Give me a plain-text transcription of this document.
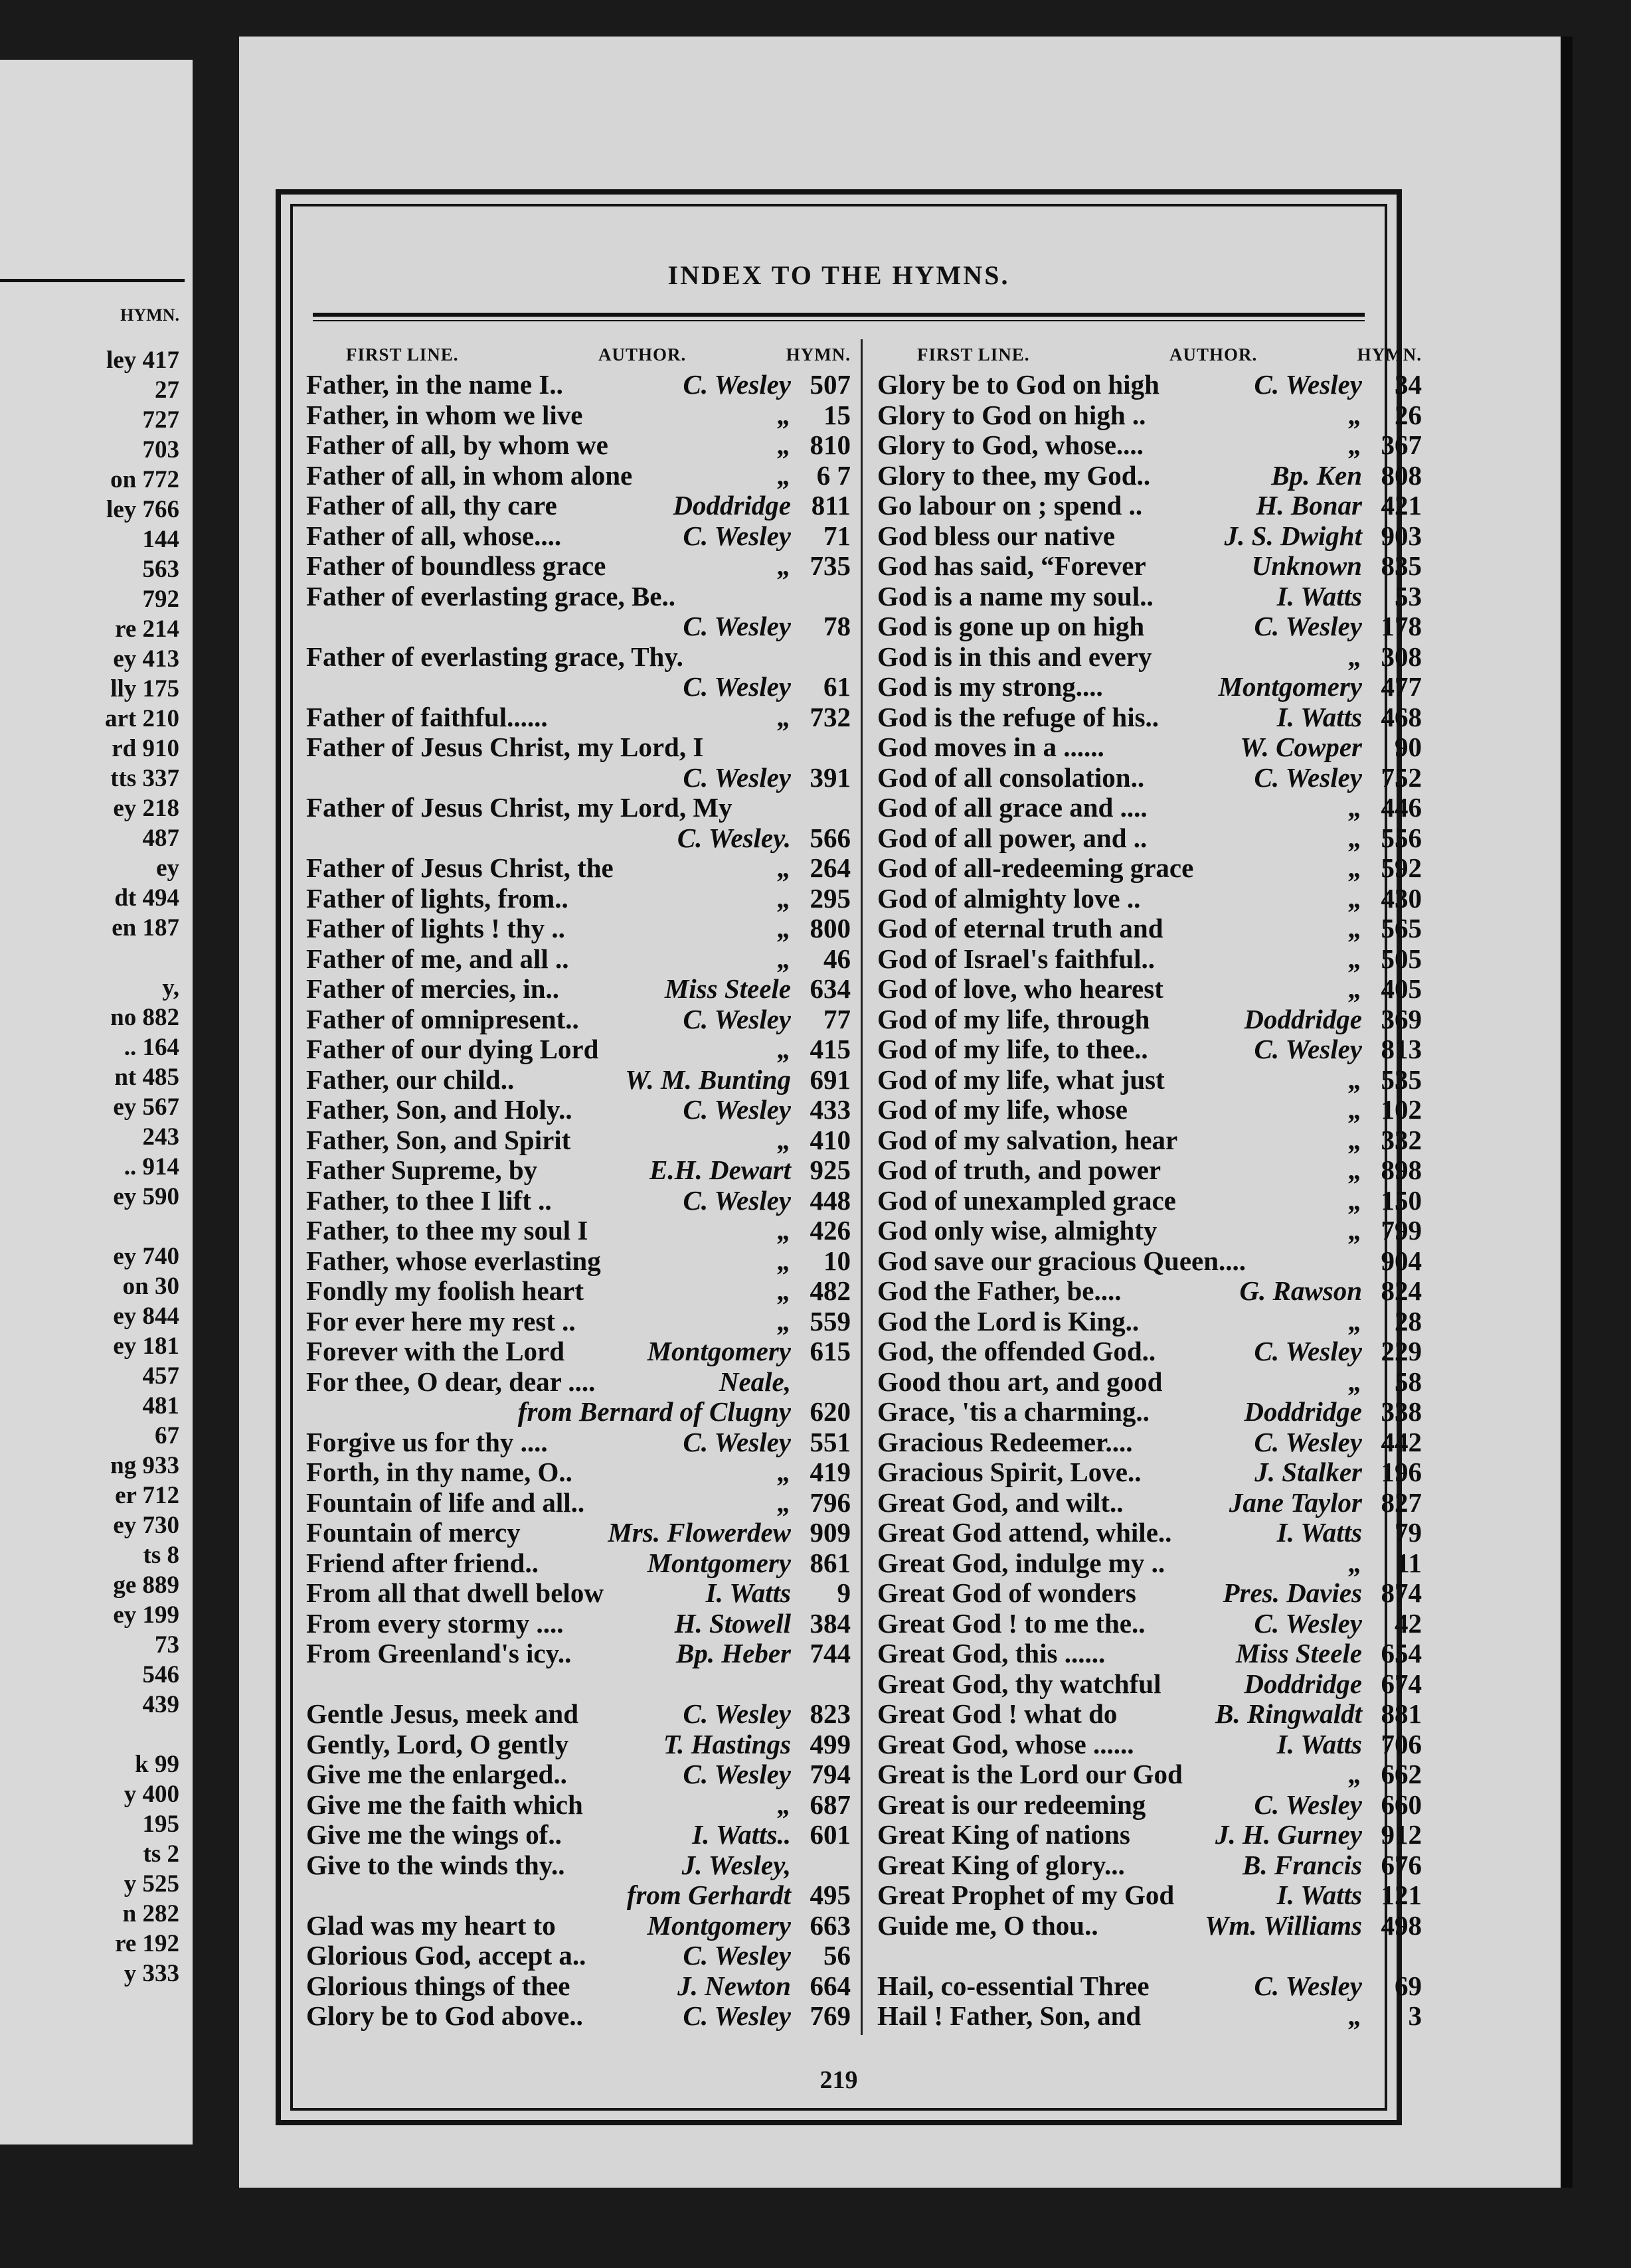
HYMN.
ley 417
27
727
703
on 772
ley 766
144
563
792
re 214
ey 413
lly 175
art 210
rd 910
tts 337
ey 218
487
ey
dt 494
en 187
y,
no 882
.. 164
nt 485
ey 567
243
.. 914
ey 590
ey 740
on 30
ey 844
ey 181
457
481
67
ng 933
er 712
ey 730
ts 8
ge 889
ey 199
73
546
439
k 99
y 400
195
ts 2
y 525
n 282
re 192
y 333
INDEX TO THE HYMNS.
FIRST LINE.	AUTHOR.	HYMN.
Father, in the name I..	C. Wesley 507
Father, in whom we live	„	15
Father of all, by whom we	„ 810
Father of all, in whom alone	„ 6 7
Father of all, thy care	Doddridge 811
Father of all, whose....	C. Wesley	71
Father of boundless grace	„ 735
Father of everlasting grace, Be..
C. Wesley	78
Father of everlasting grace, Thy.
C. Wesley	61
Father of faithful......	„ 732
Father of Jesus Christ, my Lord, I
C. Wesley 391
Father of Jesus Christ, my Lord, My
C. Wesley. 566
Father of Jesus Christ, the	„ 264
Father of lights, from..	„ 295
Father of lights ! thy ..	„ 800
Father of me, and all ..	„	46
Father of mercies, in..	Miss Steele 634
Father of omnipresent..	C. Wesley	77
Father of our dying Lord	„ 415
Father, our child..	W. M. Bunting 691
Father, Son, and Holy..	C. Wesley 433
Father, Son, and Spirit	„ 410
Father Supreme, by	E.H. Dewart 925
Father, to thee I lift ..	C. Wesley 448
Father, to thee my soul I	„ 426
Father, whose everlasting	„	10
Fondly my foolish heart	„ 482
For ever here my rest ..	„ 559
Forever with the Lord	Montgomery 615
For thee, O dear, dear ....	Neale,
from Bernard of Clugny 620
Forgive us for thy ....	C. Wesley 551
Forth, in thy name, O..	„ 419
Fountain of life and all..	„ 796
Fountain of mercy	Mrs. Flowerdew 909
Friend after friend..	Montgomery 861
From all that dwell below	I. Watts	9
From every stormy ....	H. Stowell 384
From Greenland's icy..	Bp. Heber 744
Gentle Jesus, meek and	C. Wesley 823
Gently, Lord, O gently	T. Hastings 499
Give me the enlarged..	C. Wesley 794
Give me the faith which	„ 687
Give me the wings of..	I. Watts.. 601
Give to the winds thy..	J. Wesley,
from Gerhardt 495
Glad was my heart to	Montgomery 663
Glorious God, accept a..	C. Wesley	56
Glorious things of thee	J. Newton 664
Glory be to God above..	C. Wesley 769
FIRST LINE.	AUTHOR.	HYMN.
Glory be to God on high	C. Wesley	34
Glory to God on high ..	„	26
Glory to God, whose....	„ 367
Glory to thee, my God..	Bp. Ken 808
Go labour on ; spend ..	H. Bonar 421
God bless our native	J. S. Dwight 903
God has said, “Forever	Unknown 835
God is a name my soul..	I. Watts	53
God is gone up on high	C. Wesley 178
God is in this and every	„ 308
God is my strong....	Montgomery 477
God is the refuge of his..	I. Watts 468
God moves in a ......	W. Cowper	90
God of all consolation..	C. Wesley 752
God of all grace and ....	„ 446
God of all power, and ..	„ 556
God of all-redeeming grace	„ 592
God of almighty love ..	„ 430
God of eternal truth and	„ 565
God of Israel's faithful..	„ 505
God of love, who hearest	„ 405
God of my life, through	Doddridge 369
God of my life, to thee..	C. Wesley 813
God of my life, what just	„ 535
God of my life, whose	„ 102
God of my salvation, hear	„ 332
God of truth, and power	„ 898
God of unexampled grace	„ 150
God only wise, almighty	„ 799
God save our gracious Queen....	904
God the Father, be....	G. Rawson 824
God the Lord is King..	„	28
God, the offended God..	C. Wesley 229
Good thou art, and good	„	58
Grace, 'tis a charming..	Doddridge 338
Gracious Redeemer....	C. Wesley 442
Gracious Spirit, Love..	J. Stalker 196
Great God, and wilt..	Jane Taylor 827
Great God attend, while..	I. Watts	79
Great God, indulge my ..	„	11
Great God of wonders	Pres. Davies 874
Great God ! to me the..	C. Wesley	42
Great God, this ......	Miss Steele 654
Great God, thy watchful	Doddridge 674
Great God ! what do	B. Ringwaldt 881
Great God, whose ......	I. Watts 706
Great is the Lord our God	„ 662
Great is our redeeming	C. Wesley 660
Great King of nations	J. H. Gurney 912
Great King of glory...	B. Francis 676
Great Prophet of my God	I. Watts 121
Guide me, O thou..	Wm. Williams 498
Hail, co-essential Three	C. Wesley	69
Hail ! Father, Son, and	„	3
219
